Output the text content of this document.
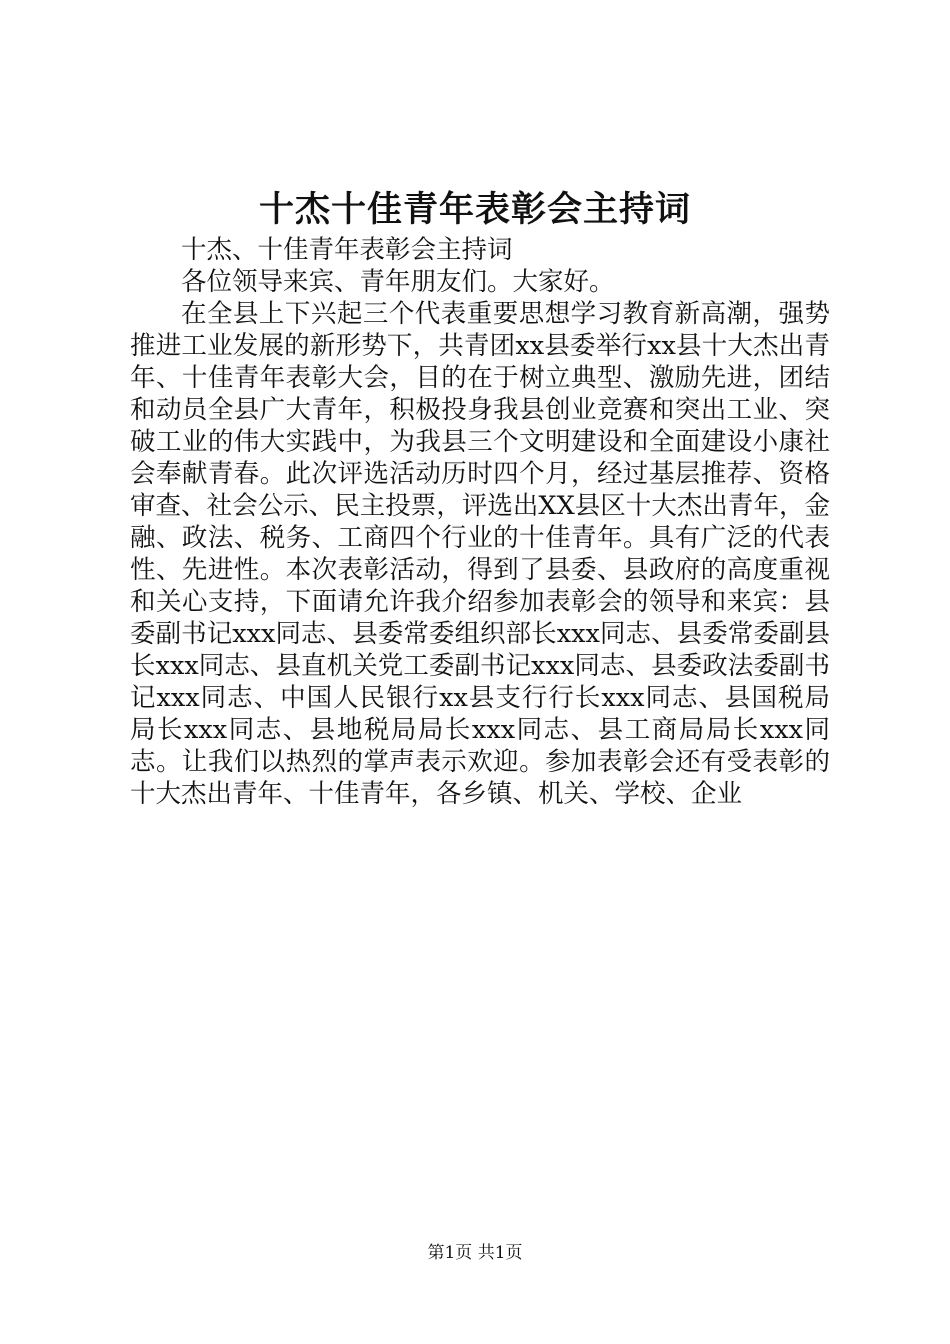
十杰十佳青年表彰会主持词

十杰、十佳青年表彰会主持词

各位领导来宾、青年朋友们。大家好。

在全县上下兴起三个代表重要思想学习教育新高潮，强势推进工业发展的新形势下，共青团xx县委举行xx县十大杰出青年、十佳青年表彰大会，目的在于树立典型、激励先进，团结和动员全县广大青年，积极投身我县创业竞赛和突出工业、突破工业的伟大实践中，为我县三个文明建设和全面建设小康社会奉献青春。此次评选活动历时四个月，经过基层推荐、资格审查、社会公示、民主投票，评选出XX县区十大杰出青年，金融、政法、税务、工商四个行业的十佳青年。具有广泛的代表性、先进性。本次表彰活动，得到了县委、县政府的高度重视和关心支持，下面请允许我介绍参加表彰会的领导和来宾：县委副书记xxx同志、县委常委组织部长xxx同志、县委常委副县长xxx同志、县直机关党工委副书记xxx同志、县委政法委副书记xxx同志、中国人民银行xx县支行行长xxx同志、县国税局局长xxx同志、县地税局局长xxx同志、县工商局局长xxx同志。让我们以热烈的掌声表示欢迎。参加表彰会还有受表彰的十大杰出青年、十佳青年，各乡镇、机关、学校、企业

第1页 共1页
